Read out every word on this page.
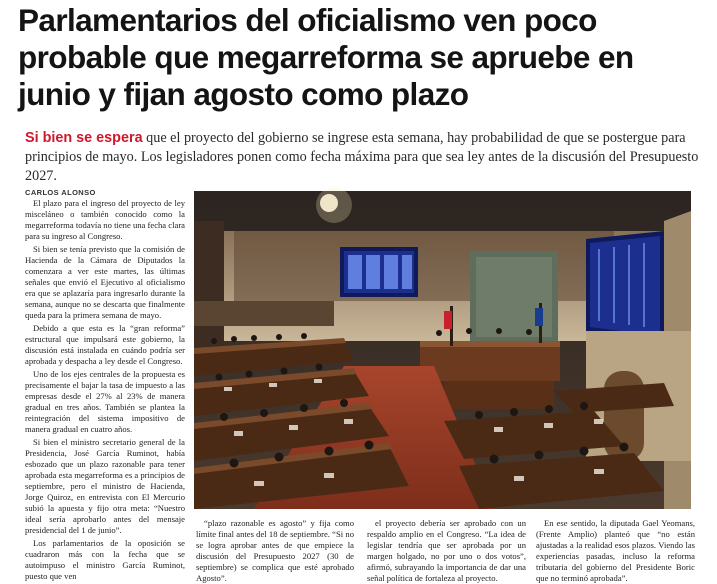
Parlamentarios del oficialismo ven poco probable que megarreforma se apruebe en junio y fijan agosto como plazo

Si bien se espera que el proyecto del gobierno se ingrese esta semana, hay probabilidad de que se postergue para principios de mayo. Los legisladores ponen como fecha máxima para que sea ley antes de la discusión del Presupuesto 2027.

CARLOS ALONSO

El plazo para el ingreso del proyecto de ley misceláneo o también conocido como la megarreforma todavía no tiene una fecha clara para su ingreso al Congreso.

Si bien se tenía previsto que la comisión de Hacienda de la Cámara de Diputados la comenzara a ver este martes, las últimas señales que envió el Ejecutivo al oficialismo era que se aplazaría para ingresarlo durante la semana, aunque no se descarta que finalmente queda para la primera semana de mayo.

Debido a que esta es la “gran reforma” estructural que impulsará este gobierno, la discusión está instalada en cuándo podría ser aprobada y despacha a ley desde el Congreso.

Uno de los ejes centrales de la propuesta es precisamente el bajar la tasa de impuesto a las empresas desde el 27% al 23% de manera gradual en tres años. También se plantea la reintegración del sistema impositivo de manera gradual en cuatro años.

Si bien el ministro secretario general de la Presidencia, José García Ruminot, había esbozado que un plazo razonable para tener aprobada esta megarreforma es a principios de septiembre, pero el ministro de Hacienda, Jorge Quiroz, en entrevista con El Mercurio subió la apuesta y fijo otra meta: “Nuestro ideal sería aprobarlo antes del mensaje presidencial del 1 de junio”.

Los parlamentarios de la oposición se cuadraron más con la fecha que se autoimpuso el ministro García Ruminot, puesto que ven

“plazo razonable es agosto” y fija como límite final antes del 18 de septiembre. “Si no se logra aprobar antes de que empiece la discusión del Presupuesto 2027 (30 de septiembre) se complica que esté aprobado Agosto”.

el proyecto debería ser aprobado con un respaldo amplio en el Congreso. “La idea de legislar tendría que ser aprobada por un margen holgado, no por uno o dos votos”, afirmó, subrayando la importancia de dar una señal política de fortaleza al proyecto.

En ese sentido, la diputada Gael Yeomans, (Frente Amplio) planteó que “no están ajustadas a la realidad esos plazos. Viendo las experiencias pasadas, incluso la reforma tributaria del gobierno del Presidente Boric que no terminó aprobada”.
